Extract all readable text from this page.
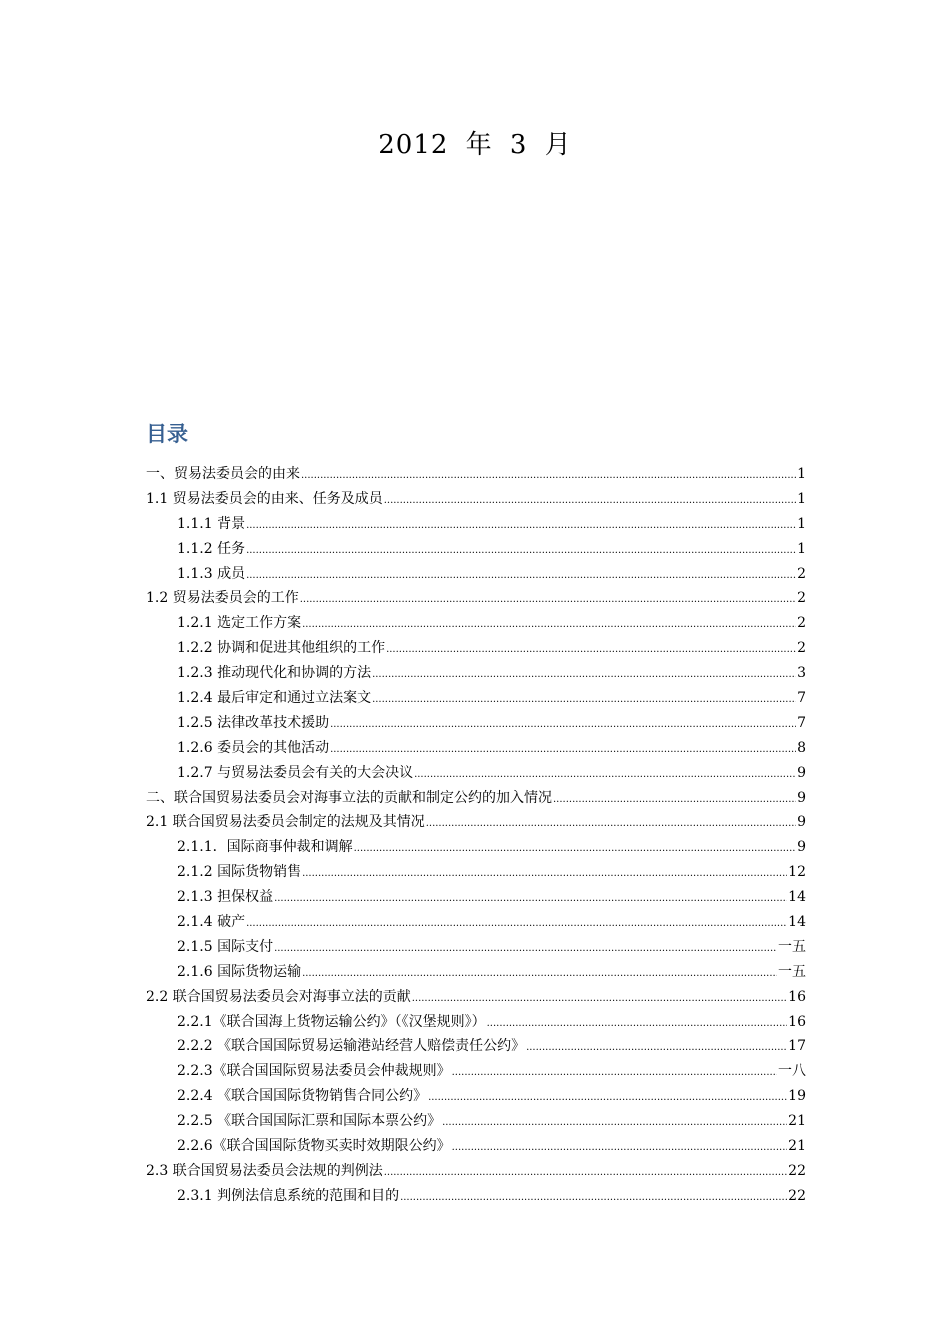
2012 年 3 月
目录
一、贸易法委员会的由来 .....	1
1.1 贸易法委员会的由来、任务及成员 .....	1
1.1.1 背景 .....	1
1.1.2 任务 .....	1
1.1.3 成员 .....	2
1.2 贸易法委员会的工作 .....	2
1.2.1 选定工作方案 .....	2
1.2.2 协调和促进其他组织的工作 .....	2
1.2.3 推动现代化和协调的方法 .....	3
1.2.4 最后审定和通过立法案文 .....	7
1.2.5 法律改革技术援助 .....	7
1.2.6 委员会的其他活动 .....	8
1.2.7 与贸易法委员会有关的大会决议 .....	9
二、联合国贸易法委员会对海事立法的贡献和制定公约的加入情况 .....	9
2.1 联合国贸易法委员会制定的法规及其情况 .....	9
2.1.1．国际商事仲裁和调解 .....	9
2.1.2 国际货物销售 .....	12
2.1.3 担保权益 .....	14
2.1.4 破产 .....	14
2.1.5 国际支付 .....	一五
2.1.6 国际货物运输 .....	一五
2.2 联合国贸易法委员会对海事立法的贡献 .....	16
2.2.1《联合国海上货物运输公约》（《汉堡规则》） .....	16
2.2.2 《联合国国际贸易运输港站经营人赔偿责任公约》 .....	17
2.2.3《联合国国际贸易法委员会仲裁规则》 .....	一八
2.2.4 《联合国国际货物销售合同公约》 .....	19
2.2.5 《联合国国际汇票和国际本票公约》 .....	21
2.2.6《联合国国际货物买卖时效期限公约》 .....	21
2.3 联合国贸易法委员会法规的判例法 .....	22
2.3.1 判例法信息系统的范围和目的 .....	22
